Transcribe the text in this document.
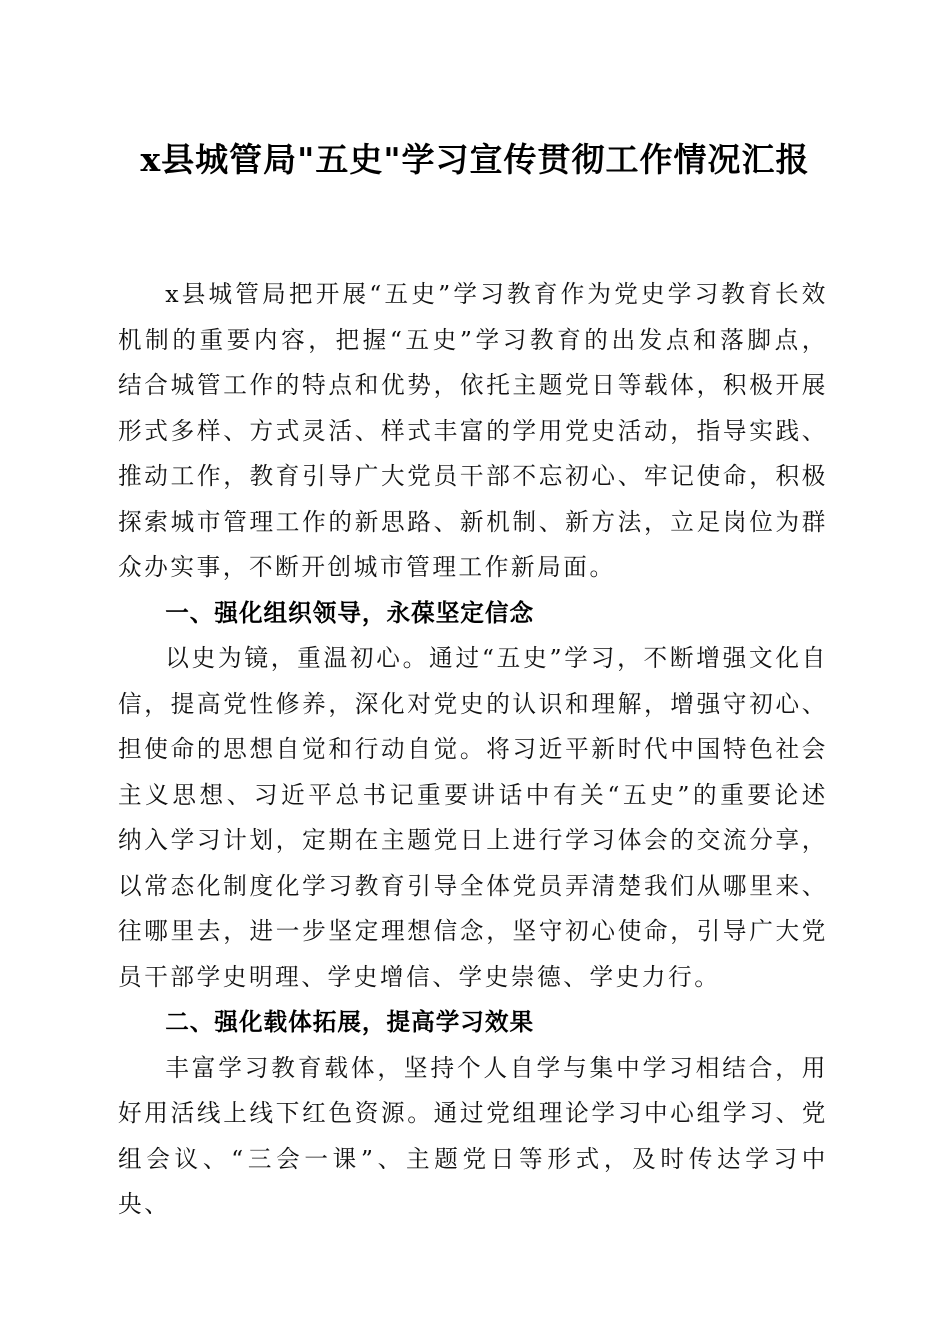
x县城管局"五史"学习宣传贯彻工作情况汇报

x县城管局把开展“五史”学习教育作为党史学习教育长效机制的重要内容，把握“五史”学习教育的出发点和落脚点，结合城管工作的特点和优势，依托主题党日等载体，积极开展形式多样、方式灵活、样式丰富的学用党史活动，指导实践、推动工作，教育引导广大党员干部不忘初心、牢记使命，积极探索城市管理工作的新思路、新机制、新方法，立足岗位为群众办实事，不断开创城市管理工作新局面。

一、强化组织领导，永葆坚定信念

以史为镜，重温初心。通过“五史”学习，不断增强文化自信，提高党性修养，深化对党史的认识和理解，增强守初心、担使命的思想自觉和行动自觉。将习近平新时代中国特色社会主义思想、习近平总书记重要讲话中有关“五史”的重要论述纳入学习计划，定期在主题党日上进行学习体会的交流分享，以常态化制度化学习教育引导全体党员弄清楚我们从哪里来、往哪里去，进一步坚定理想信念，坚守初心使命，引导广大党员干部学史明理、学史增信、学史崇德、学史力行。

二、强化载体拓展，提高学习效果

丰富学习教育载体，坚持个人自学与集中学习相结合，用好用活线上线下红色资源。通过党组理论学习中心组学习、党组会议、“三会一课”、主题党日等形式，及时传达学习中央、
